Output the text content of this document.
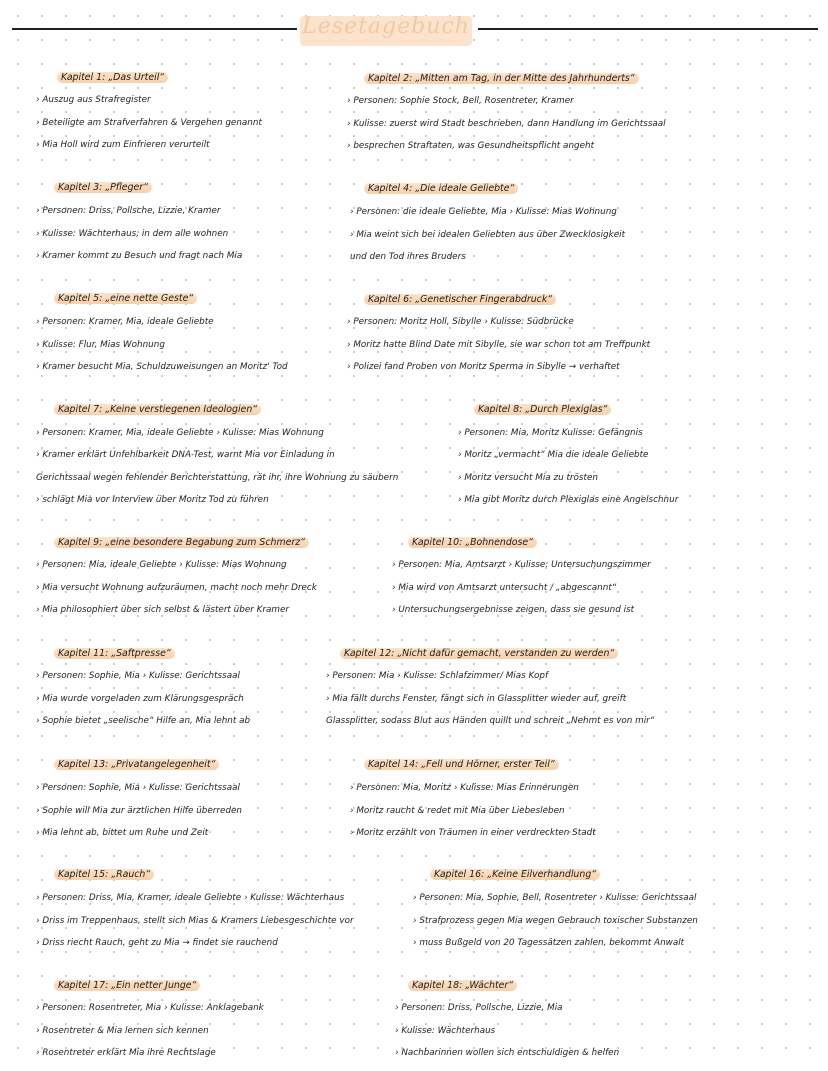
Lesetagebuch
Kapitel 1: „Das Urteil“
› Auszug aus Strafregister
› Beteiligte am Strafverfahren & Vergehen genannt
› Mia Holl wird zum Einfrieren verurteilt
Kapitel 2: „Mitten am Tag, in der Mitte des Jahrhunderts“
› Personen: Sophie Stock, Bell, Rosentreter, Kramer
› Kulisse: zuerst wird Stadt beschrieben, dann Handlung im Gerichtssaal
› besprechen Straftaten, was Gesundheitspflicht angeht
Kapitel 3: „Pfleger“
› Personen: Driss, Pollsche, Lizzie, Kramer
› Kulisse: Wächterhaus, in dem alle wohnen
› Kramer kommt zu Besuch und fragt nach Mia
Kapitel 4: „Die ideale Geliebte“
› Personen: die ideale Geliebte, Mia › Kulisse: Mias Wohnung
› Mia weint sich bei idealen Geliebten aus über Zwecklosigkeit
und den Tod ihres Bruders
Kapitel 5: „eine nette Geste“
› Personen: Kramer, Mia, ideale Geliebte
› Kulisse: Flur, Mias Wohnung
› Kramer besucht Mia, Schuldzuweisungen an Moritz' Tod
Kapitel 6: „Genetischer Fingerabdruck“
› Personen: Moritz Holl, Sibylle › Kulisse: Südbrücke
› Moritz hatte Blind Date mit Sibylle, sie war schon tot am Treffpunkt
› Polizei fand Proben von Moritz Sperma in Sibylle → verhaftet
Kapitel 7: „Keine verstiegenen Ideologien“
› Personen: Kramer, Mia, ideale Geliebte › Kulisse: Mias Wohnung
› Kramer erklärt Unfehlbarkeit DNA-Test, warnt Mia vor Einladung in
Gerichtssaal wegen fehlender Berichterstattung, rät ihr, ihre Wohnung zu säubern
› schlägt Mia vor Interview über Moritz Tod zu führen
Kapitel 8: „Durch Plexiglas“
› Personen: Mia, Moritz Kulisse: Gefängnis
› Moritz „vermacht“ Mia die ideale Geliebte
› Moritz versucht Mia zu trösten
› Mia gibt Moritz durch Plexiglas eine Angelschnur
Kapitel 9: „eine besondere Begabung zum Schmerz“
› Personen: Mia, ideale Geliebte › Kulisse: Mias Wohnung
› Mia versucht Wohnung aufzuräumen, macht noch mehr Dreck
› Mia philosophiert über sich selbst & lästert über Kramer
Kapitel 10: „Bohnendose“
› Personen: Mia, Amtsarzt › Kulisse: Untersuchungszimmer
› Mia wird von Amtsarzt untersucht / „abgescannt“
› Untersuchungsergebnisse zeigen, dass sie gesund ist
Kapitel 11: „Saftpresse“
› Personen: Sophie, Mia › Kulisse: Gerichtssaal
› Mia wurde vorgeladen zum Klärungsgespräch
› Sophie bietet „seelische“ Hilfe an, Mia lehnt ab
Kapitel 12: „Nicht dafür gemacht, verstanden zu werden“
› Personen: Mia › Kulisse: Schlafzimmer/ Mias Kopf
› Mia fällt durchs Fenster, fängt sich in Glassplitter wieder auf, greift
Glassplitter, sodass Blut aus Händen quillt und schreit „Nehmt es von mir“
Kapitel 13: „Privatangelegenheit“
› Personen: Sophie, Mia › Kulisse: Gerichtssaal
› Sophie will Mia zur ärztlichen Hilfe überreden
› Mia lehnt ab, bittet um Ruhe und Zeit
Kapitel 14: „Fell und Hörner, erster Teil“
› Personen: Mia, Moritz › Kulisse: Mias Erinnerungen
› Moritz raucht & redet mit Mia über Liebesleben
› Moritz erzählt von Träumen in einer verdreckten Stadt
Kapitel 15: „Rauch“
› Personen: Driss, Mia, Kramer, ideale Geliebte › Kulisse: Wächterhaus
› Driss im Treppenhaus, stellt sich Mias & Kramers Liebesgeschichte vor
› Driss riecht Rauch, geht zu Mia → findet sie rauchend
Kapitel 16: „Keine Eilverhandlung“
› Personen: Mia, Sophie, Bell, Rosentreter › Kulisse: Gerichtssaal
› Strafprozess gegen Mia wegen Gebrauch toxischer Substanzen
› muss Bußgeld von 20 Tagessätzen zahlen, bekommt Anwalt
Kapitel 17: „Ein netter Junge“
› Personen: Rosentreter, Mia › Kulisse: Anklagebank
› Rosentreter & Mia lernen sich kennen
› Rosentreter erklärt Mia ihre Rechtslage
Kapitel 18: „Wächter“
› Personen: Driss, Pollsche, Lizzie, Mia
› Kulisse: Wächterhaus
› Nachbarinnen wollen sich entschuldigen & helfen
